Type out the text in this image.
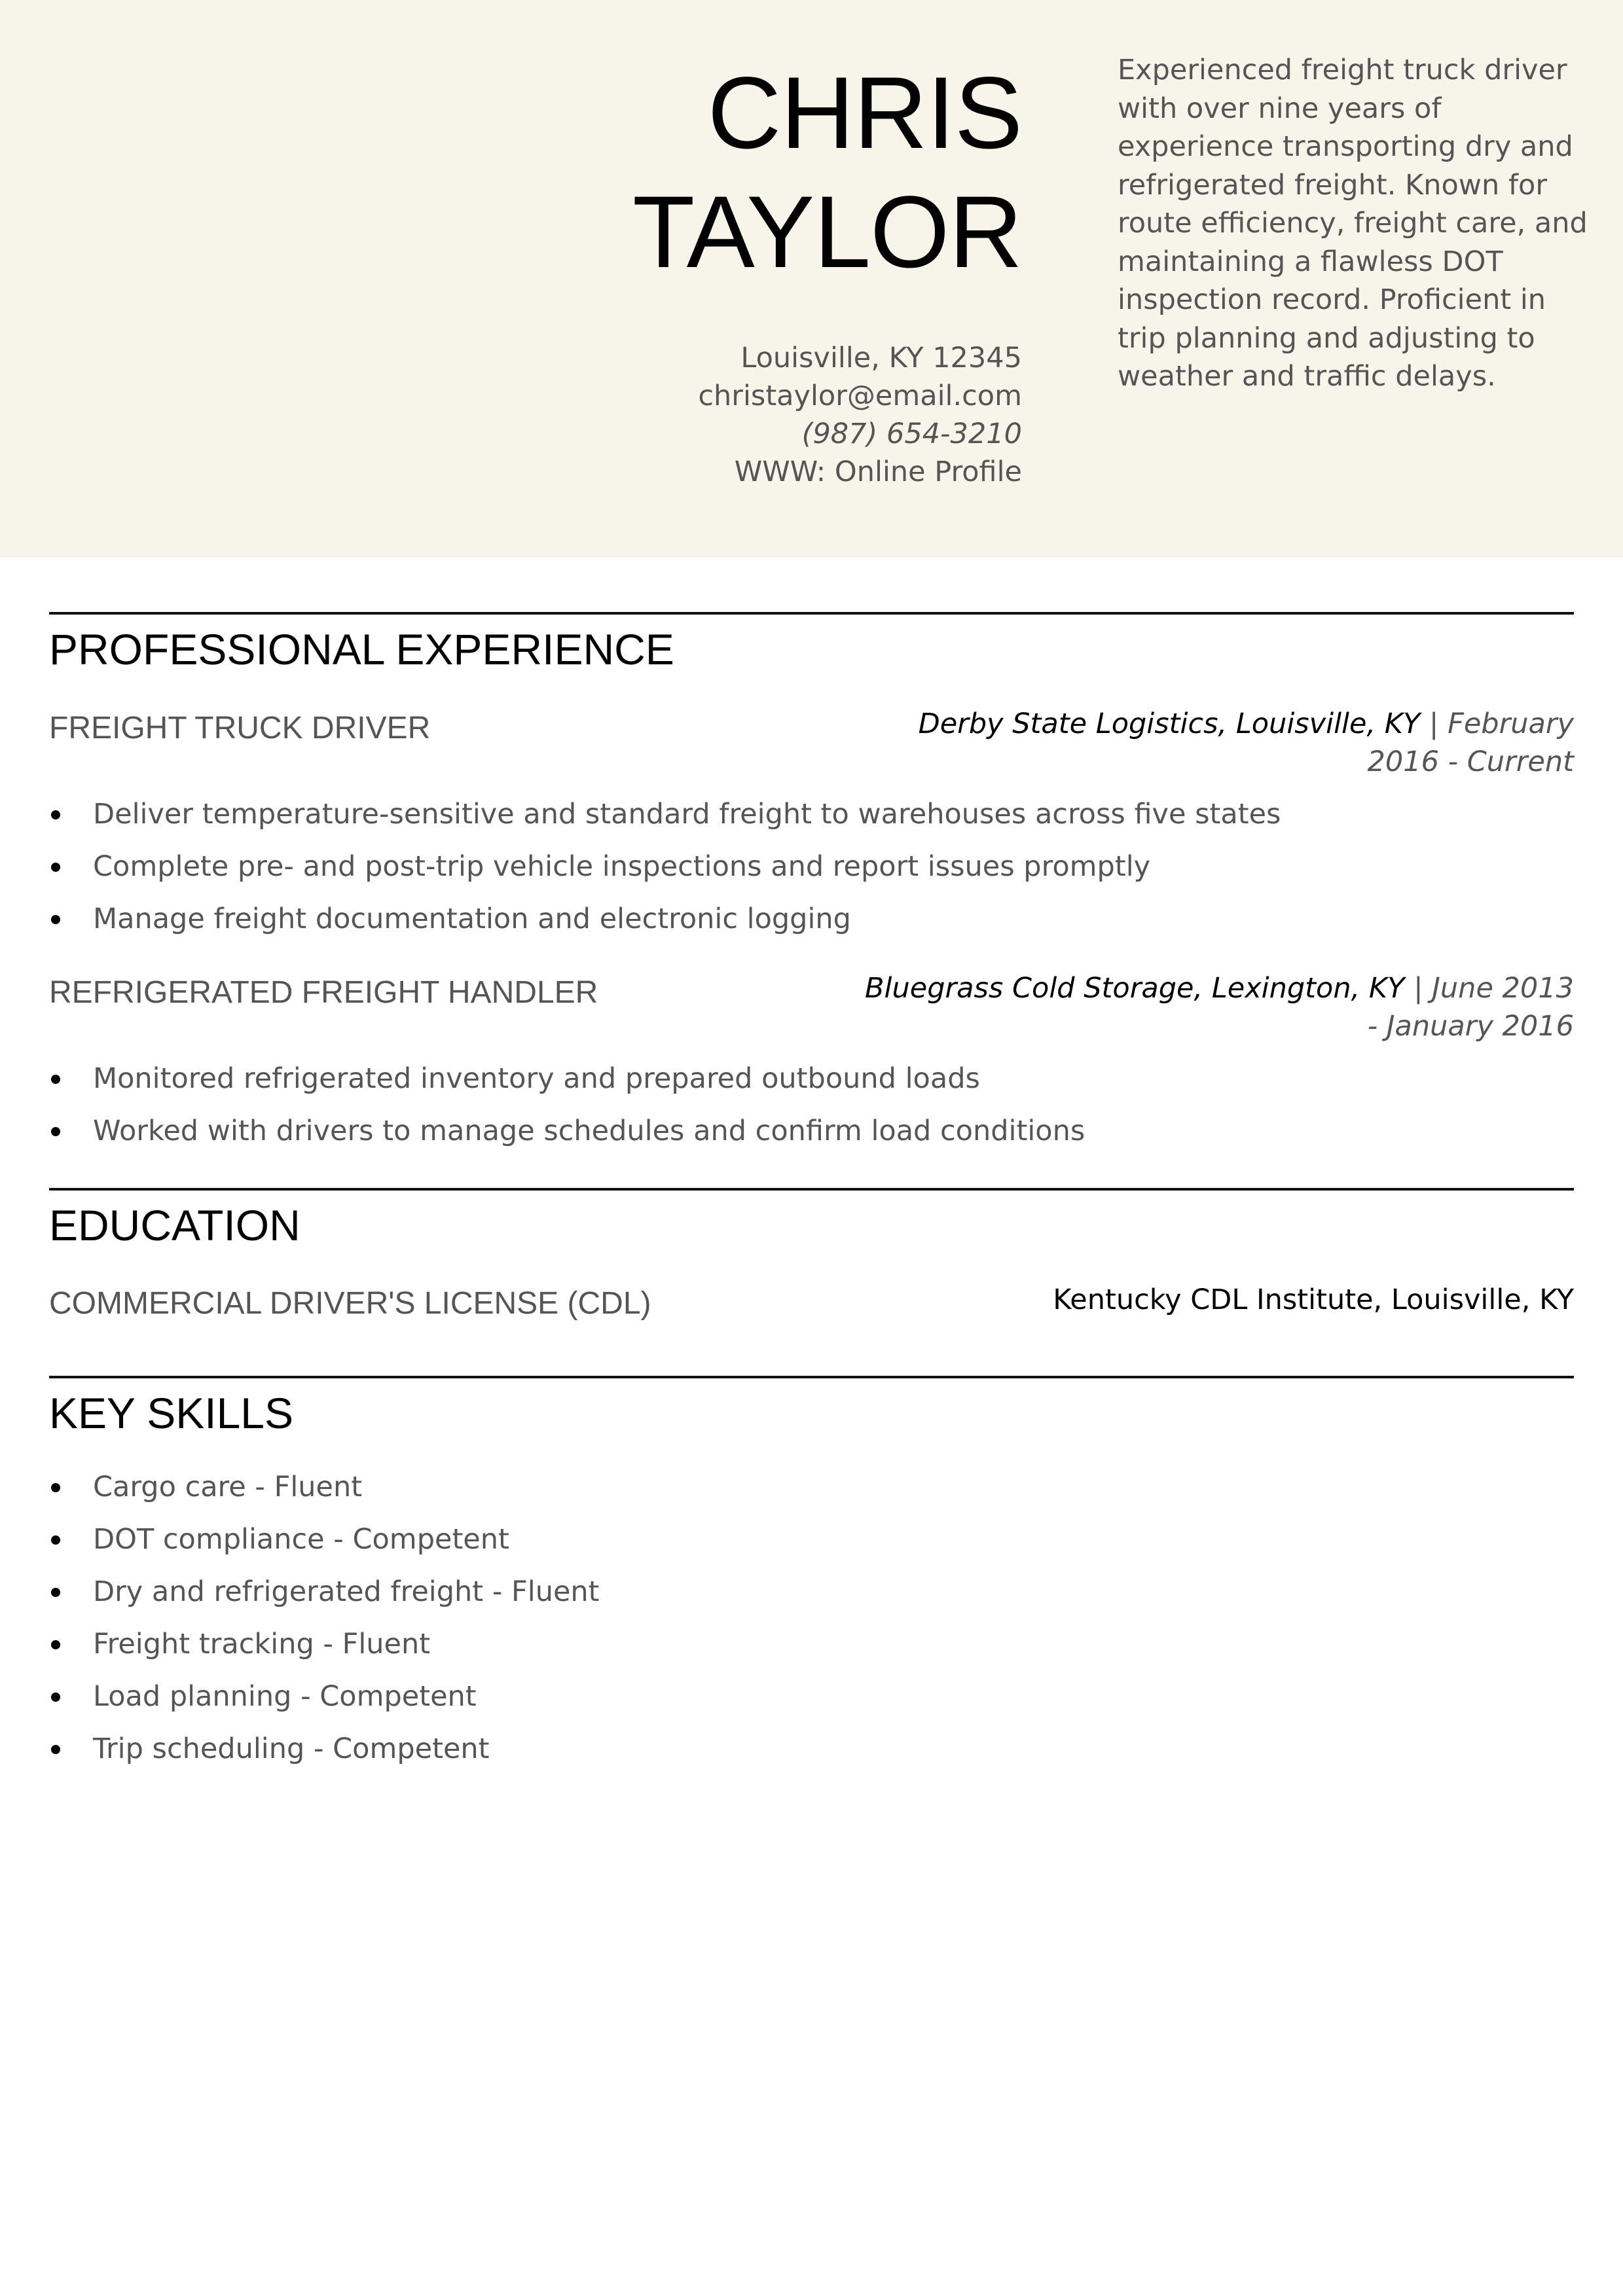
CHRIS
TAYLOR
Louisville, KY 12345
christaylor@email.com
(987) 654-3210
WWW: Online Profile
Experienced freight truck driver with over nine years of experience transporting dry and refrigerated freight. Known for route efficiency, freight care, and maintaining a flawless DOT inspection record. Proficient in trip planning and adjusting to weather and traffic delays.
PROFESSIONAL EXPERIENCE
FREIGHT TRUCK DRIVER	Derby State Logistics, Louisville, KY | February
2016 - Current
Deliver temperature-sensitive and standard freight to warehouses across five states
Complete pre- and post-trip vehicle inspections and report issues promptly
Manage freight documentation and electronic logging
REFRIGERATED FREIGHT HANDLER	Bluegrass Cold Storage, Lexington, KY | June 2013
- January 2016
Monitored refrigerated inventory and prepared outbound loads
Worked with drivers to manage schedules and confirm load conditions
EDUCATION
COMMERCIAL DRIVER'S LICENSE (CDL)	Kentucky CDL Institute, Louisville, KY
KEY SKILLS
Cargo care - Fluent
DOT compliance - Competent
Dry and refrigerated freight - Fluent
Freight tracking - Fluent
Load planning - Competent
Trip scheduling - Competent
